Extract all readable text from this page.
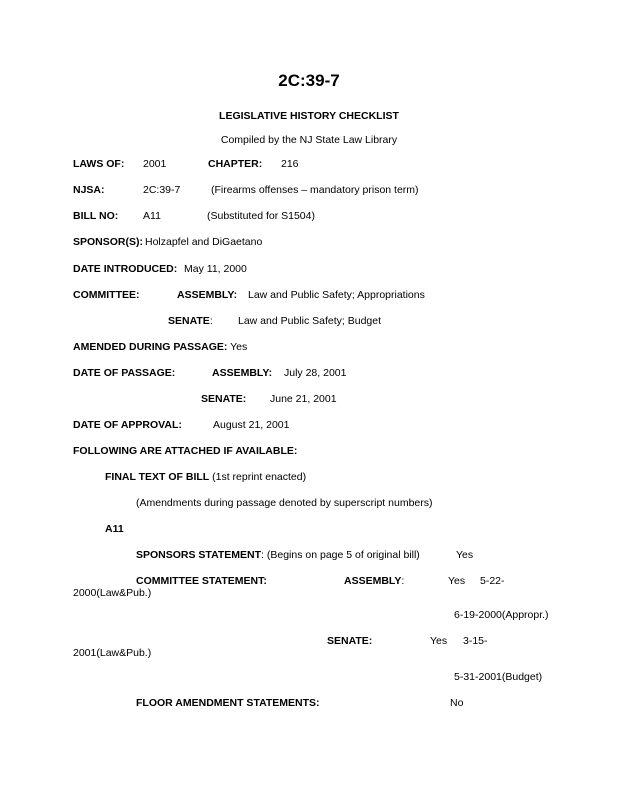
2C:39-7
LEGISLATIVE HISTORY CHECKLIST
Compiled by the NJ State Law Library
LAWS OF: 2001	CHAPTER: 216
NJSA:	2C:39-7	(Firearms offenses – mandatory prison term)
BILL NO: A11	(Substituted for S1504)
SPONSOR(S): Holzapfel and DiGaetano
DATE INTRODUCED: May 11, 2000
COMMITTEE:	ASSEMBLY: Law and Public Safety; Appropriations
SENATE: Law and Public Safety; Budget
AMENDED DURING PASSAGE: Yes
DATE OF PASSAGE:	ASSEMBLY: July 28, 2001
SENATE: June 21, 2001
DATE OF APPROVAL:	August 21, 2001
FOLLOWING ARE ATTACHED IF AVAILABLE:
FINAL TEXT OF BILL (1st reprint enacted)
(Amendments during passage denoted by superscript numbers)
A11
SPONSORS STATEMENT: (Begins on page 5 of original bill)	Yes
COMMITTEE STATEMENT:	ASSEMBLY:	Yes 5-22-
2000(Law&Pub.)
6-19-2000(Appropr.)
SENATE:	Yes 3-15-
2001(Law&Pub.)
5-31-2001(Budget)
FLOOR AMENDMENT STATEMENTS:	No
